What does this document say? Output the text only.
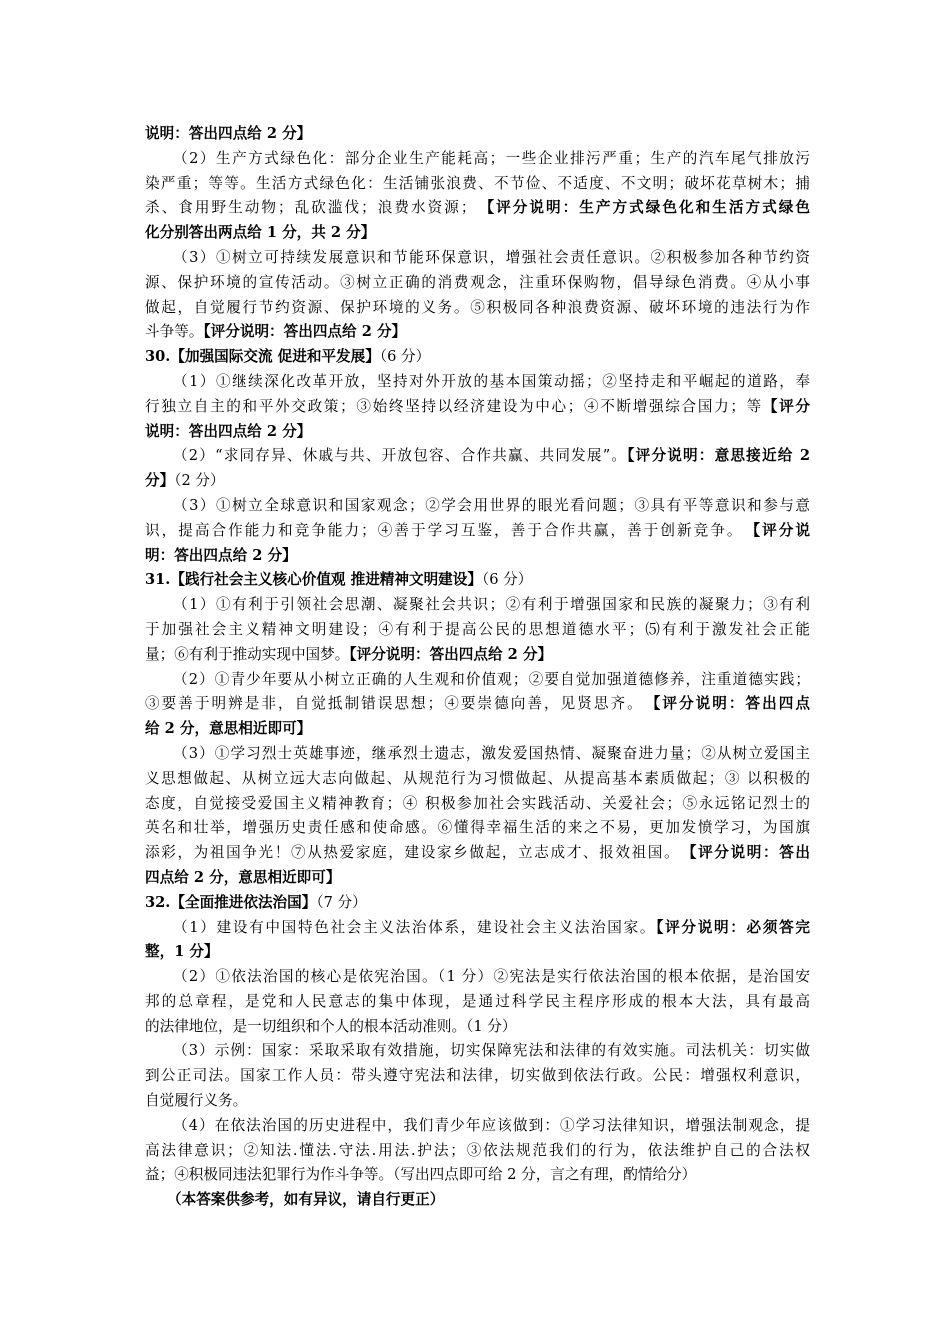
说明：答出四点给 2 分】
（2）生产方式绿色化：部分企业生产能耗高；一些企业排污严重；生产的汽车尾气排放污
染严重；等等。生活方式绿色化：生活铺张浪费、不节俭、不适度、不文明；破坏花草树木；捕
杀、食用野生动物；乱砍滥伐；浪费水资源；　【评分说明：生产方式绿色化和生活方式绿色
化分别答出两点给 1 分，共 2 分】
（3）①树立可持续发展意识和节能环保意识，增强社会责任意识。②积极参加各种节约资
源、保护环境的宣传活动。③树立正确的消费观念，注重环保购物，倡导绿色消费。④从小事
做起，自觉履行节约资源、保护环境的义务。⑤积极同各种浪费资源、破坏环境的违法行为作
斗争等。【评分说明：答出四点给 2 分】
30.【加强国际交流 促进和平发展】（6 分）
（1）①继续深化改革开放，坚持对外开放的基本国策动摇；②坚持走和平崛起的道路，奉
行独立自主的和平外交政策；③始终坚持以经济建设为中心；④不断增强综合国力；等【评分
说明：答出四点给 2 分】
（2）“求同存异、休戚与共、开放包容、合作共赢、共同发展”。【评分说明：意思接近给 2
分】（2 分）
（3）①树立全球意识和国家观念；②学会用世界的眼光看问题；③具有平等意识和参与意
识，提高合作能力和竞争能力；④善于学习互鉴，善于合作共赢，善于创新竞争。　【评分说
明：答出四点给 2 分】
31.【践行社会主义核心价值观 推进精神文明建设】（6 分）
（1）①有利于引领社会思潮、凝聚社会共识；②有利于增强国家和民族的凝聚力；③有利
于加强社会主义精神文明建设；④有利于提高公民的思想道德水平；⑸有利于激发社会正能
量；⑥有利于推动实现中国梦。【评分说明：答出四点给 2 分】
（2）①青少年要从小树立正确的人生观和价值观；②要自觉加强道德修养，注重道德实践；
③要善于明辨是非，自觉抵制错误思想；④要崇德向善，见贤思齐。　【评分说明：答出四点
给 2 分，意思相近即可】
（3）①学习烈士英雄事迹，继承烈士遗志，激发爱国热情、凝聚奋进力量；②从树立爱国主
义思想做起、从树立远大志向做起、从规范行为习惯做起、从提高基本素质做起；③ 以积极的
态度，自觉接受爱国主义精神教育；④ 积极参加社会实践活动、关爱社会；⑤永远铭记烈士的
英名和壮举，增强历史责任感和使命感。⑥懂得幸福生活的来之不易，更加发愤学习，为国旗
添彩，为祖国争光！⑦从热爱家庭，建设家乡做起，立志成才、报效祖国。　【评分说明：答出
四点给 2 分，意思相近即可】
32.【全面推进依法治国】（7 分）
（1）建设有中国特色社会主义法治体系，建设社会主义法治国家。【评分说明：必须答完
整，1 分】
（2）①依法治国的核心是依宪治国。（1 分）②宪法是实行依法治国的根本依据，是治国安
邦的总章程，是党和人民意志的集中体现，是通过科学民主程序形成的根本大法，具有最高
的法律地位，是一切组织和个人的根本活动准则。（1 分）
（3）示例：国家：采取采取有效措施，切实保障宪法和法律的有效实施。司法机关：切实做
到公正司法。国家工作人员：带头遵守宪法和法律，切实做到依法行政。公民：增强权利意识，
自觉履行义务。
（4）在依法治国的历史进程中，我们青少年应该做到：①学习法律知识，增强法制观念，提
高法律意识；②知法.懂法.守法.用法.护法；③依法规范我们的行为，依法维护自己的合法权
益；④积极同违法犯罪行为作斗争等。（写出四点即可给 2 分，言之有理，酌情给分）
（本答案供参考，如有异议，请自行更正）
